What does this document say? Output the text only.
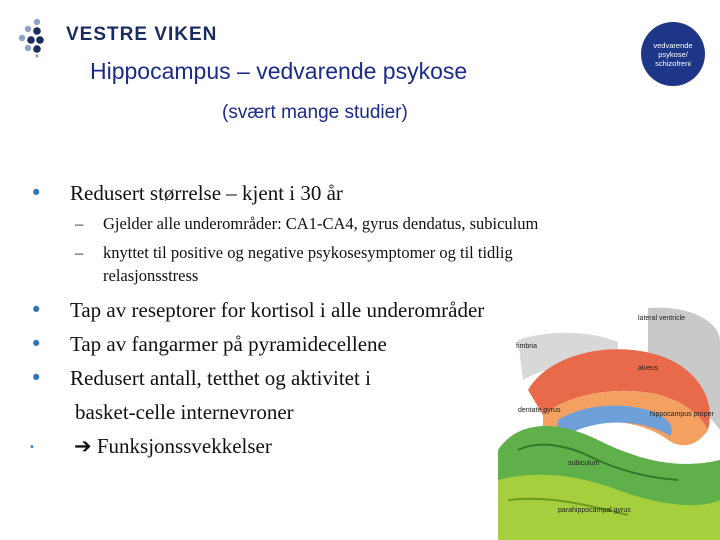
VESTRE VIKEN
Hippocampus – vedvarende psykose
(svært mange studier)
vedvarende psykose/ schizofreni
• Redusert størrelse – kjent i 30 år
– Gjelder alle underområder: CA1-CA4, gyrus dendatus, subiculum
– knyttet til positive og negative psykosesymptomer og til tidlig
relasjonsstress
lateral ventricle
fimbria
alveus
hippocampus proper
dentate gyrus
subiculum
parahippocampal gyrus
• Tap av reseptorer for kortisol i alle underområder
• Tap av fangarmer på pyramidecellene
• Redusert antall, tetthet og aktivitet i
basket-celle internevroner
• ➔ Funksjonssvekkelser
